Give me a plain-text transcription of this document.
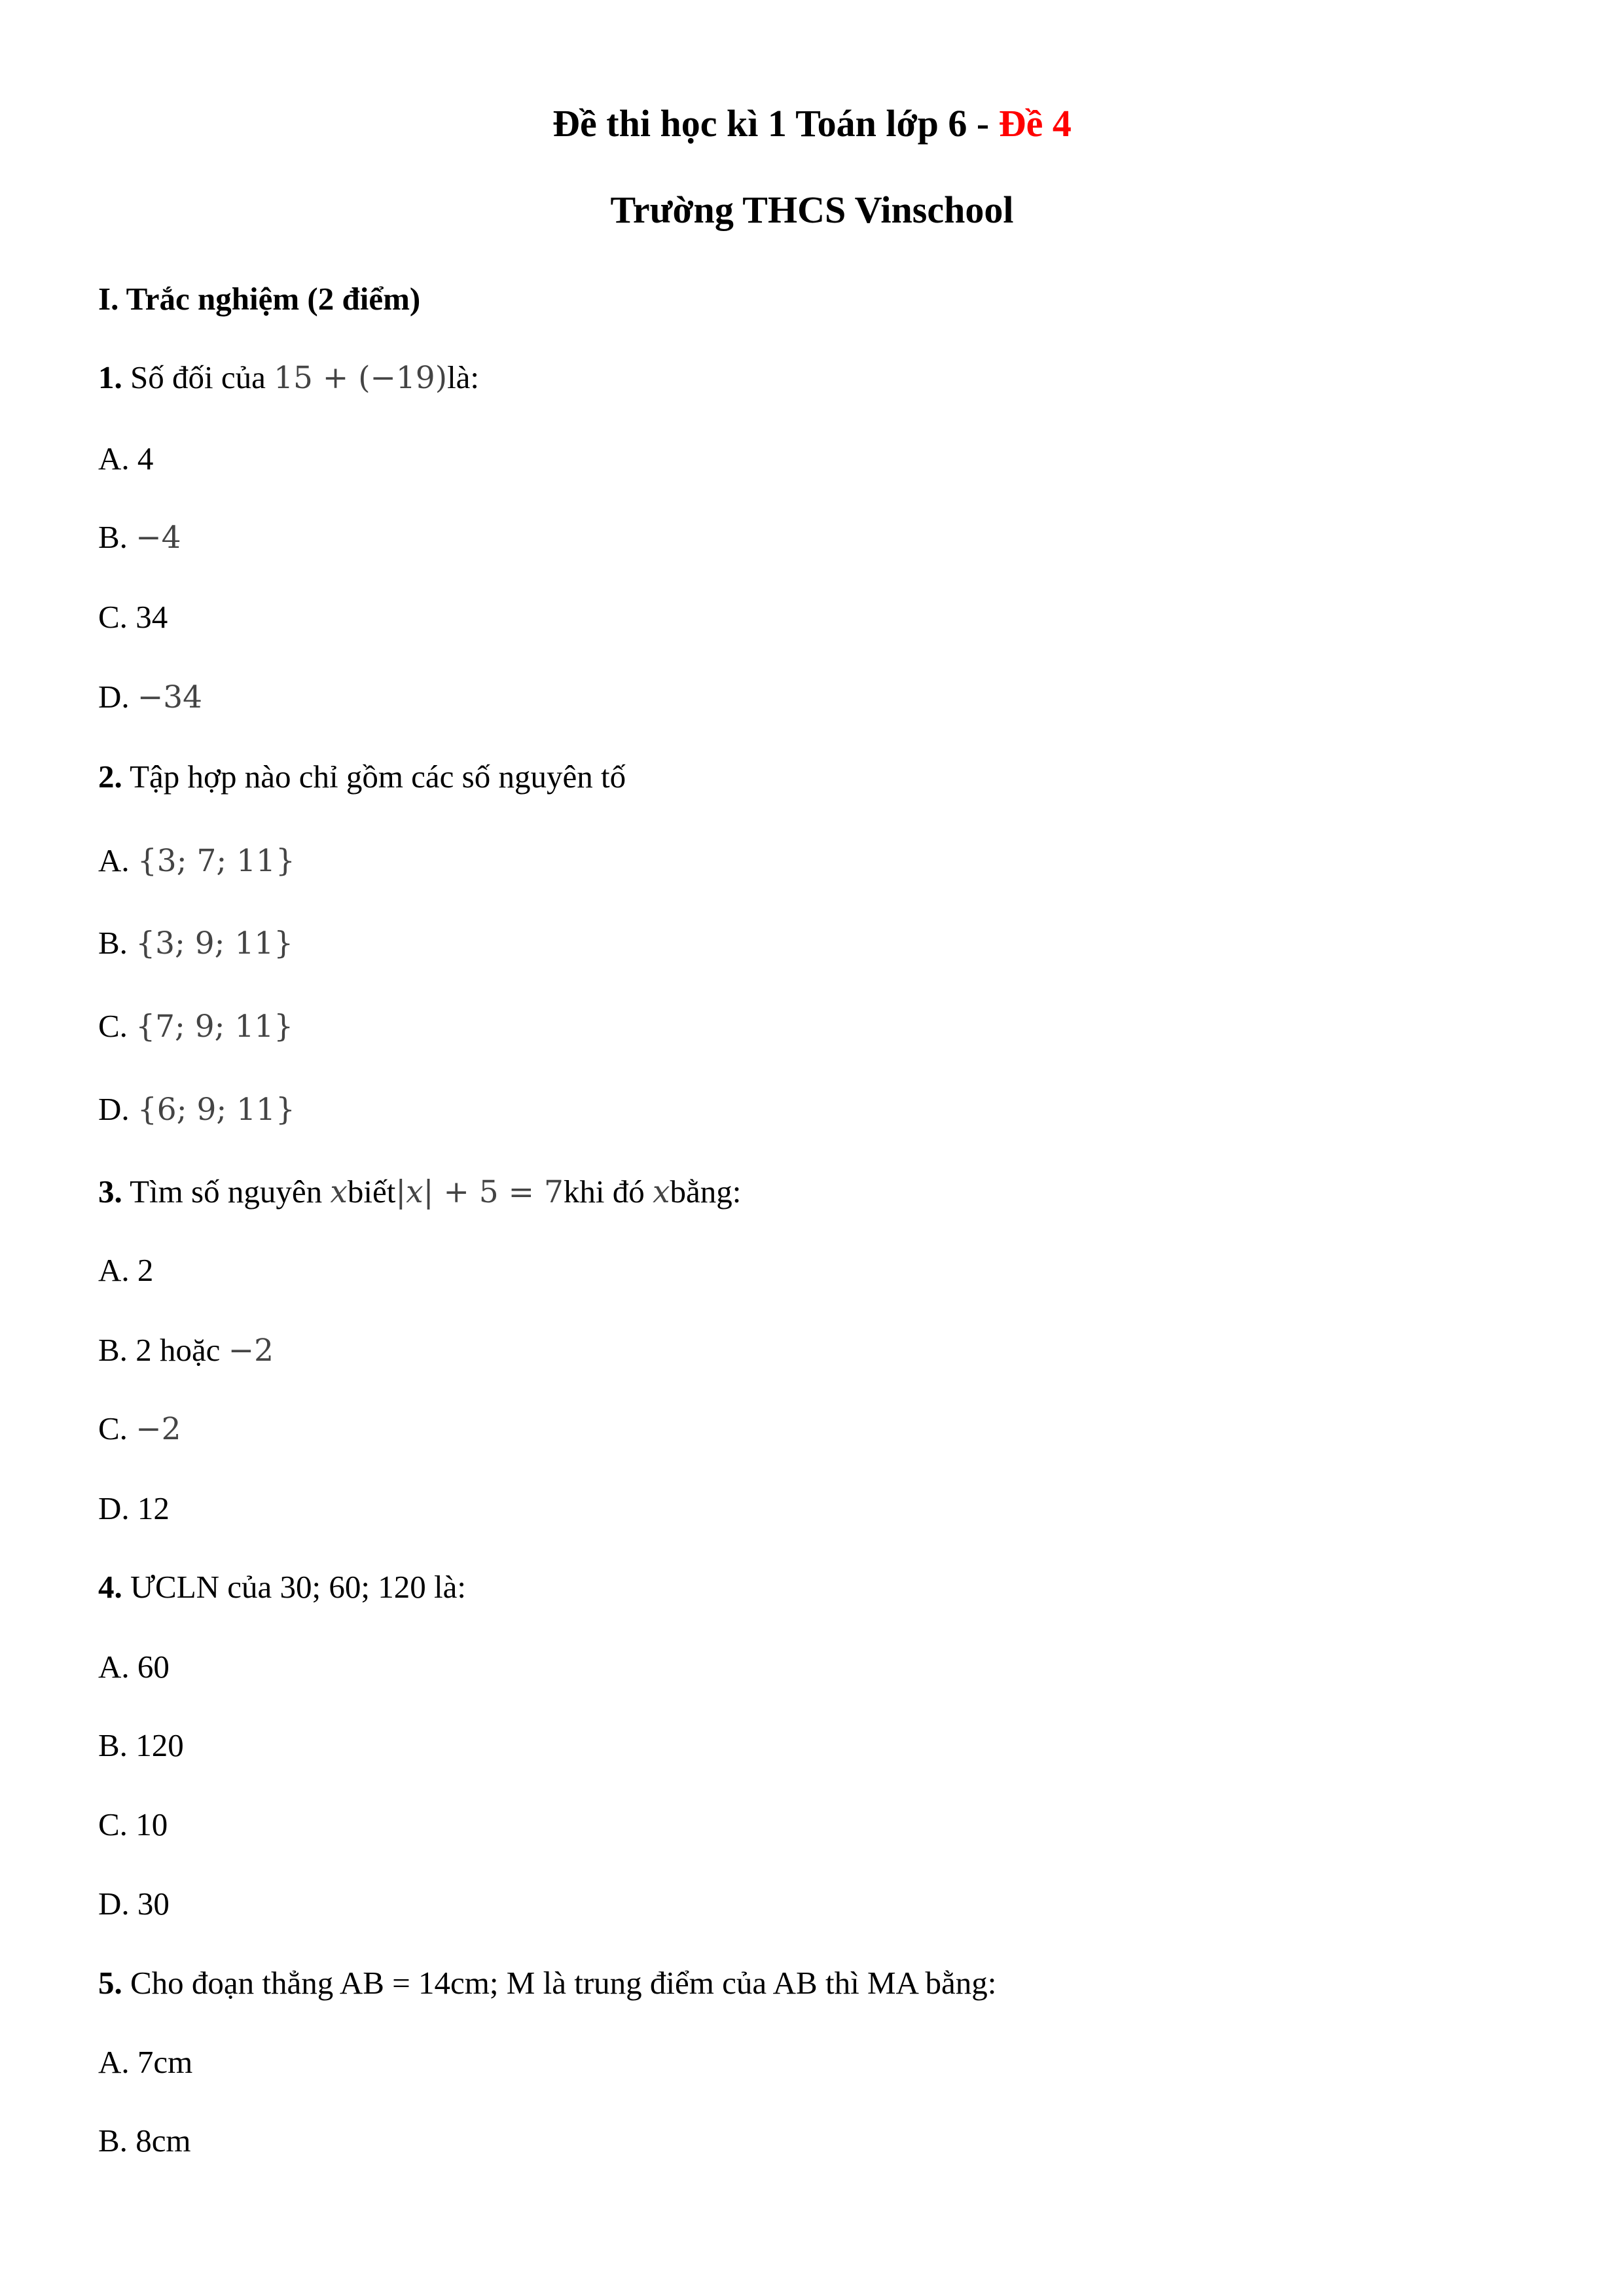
Đề thi học kì 1 Toán lớp 6 - Đề 4
Trường THCS Vinschool
I. Trắc nghiệm (2 điểm)
1. Số đối của 15 + (−19)là:
A. 4
B. −4
C. 34
D. −34
2. Tập hợp nào chỉ gồm các số nguyên tố
A. {3; 7; 11}
B. {3; 9; 11}
C. {7; 9; 11}
D. {6; 9; 11}
3. Tìm số nguyên xbiết|x| + 5 = 7khi đó xbằng:
A. 2
B. 2 hoặc −2
C. −2
D. 12
4. ƯCLN của 30; 60; 120 là:
A. 60
B. 120
C. 10
D. 30
5. Cho đoạn thẳng AB = 14cm; M là trung điểm của AB thì MA bằng:
A. 7cm
B. 8cm
